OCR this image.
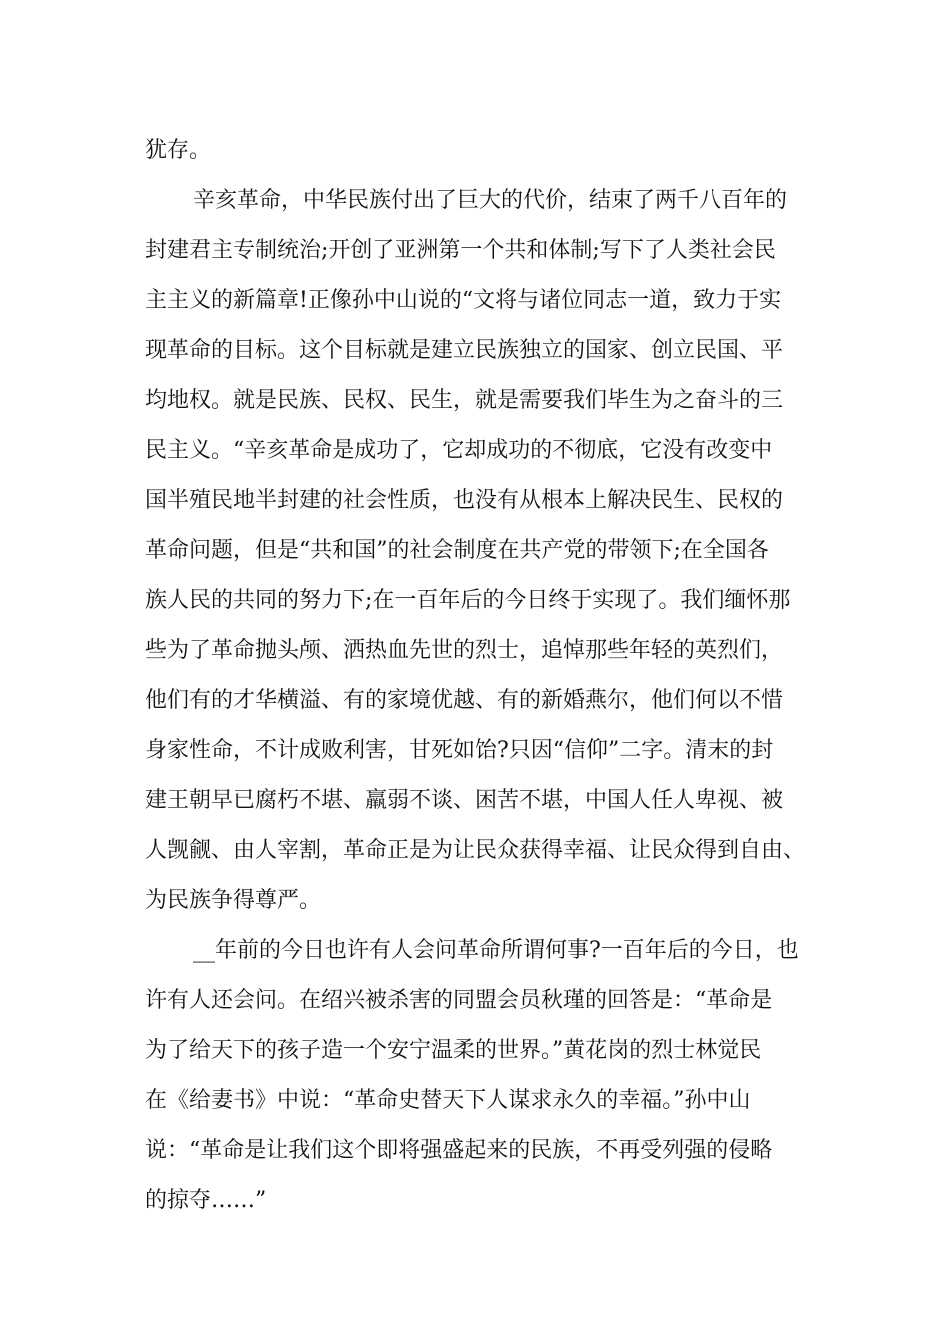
犹存。
辛亥革命，中华民族付出了巨大的代价，结束了两千八百年的
封建君主专制统治;开创了亚洲第一个共和体制;写下了人类社会民
主主义的新篇章!正像孙中山说的“文将与诸位同志一道，致力于实
现革命的目标。这个目标就是建立民族独立的国家、创立民国、平
均地权。就是民族、民权、民生，就是需要我们毕生为之奋斗的三
民主义。“辛亥革命是成功了，它却成功的不彻底，它没有改变中
国半殖民地半封建的社会性质，也没有从根本上解决民生、民权的
革命问题，但是“共和国”的社会制度在共产党的带领下;在全国各
族人民的共同的努力下;在一百年后的今日终于实现了。我们缅怀那
些为了革命抛头颅、洒热血先世的烈士，追悼那些年轻的英烈们，
他们有的才华横溢、有的家境优越、有的新婚燕尔，他们何以不惜
身家性命，不计成败利害，甘死如饴?只因“信仰”二字。清末的封
建王朝早已腐朽不堪、羸弱不谈、困苦不堪，中国人任人卑视、被
人觊觎、由人宰割，革命正是为让民众获得幸福、让民众得到自由、
为民族争得尊严。
__年前的今日也许有人会问革命所谓何事?一百年后的今日，也
许有人还会问。在绍兴被杀害的同盟会员秋瑾的回答是：“革命是
为了给天下的孩子造一个安宁温柔的世界。”黄花岗的烈士林觉民
在《给妻书》中说：“革命史替天下人谋求永久的幸福。”孙中山
说：“革命是让我们这个即将强盛起来的民族，不再受列强的侵略
的掠夺……”
